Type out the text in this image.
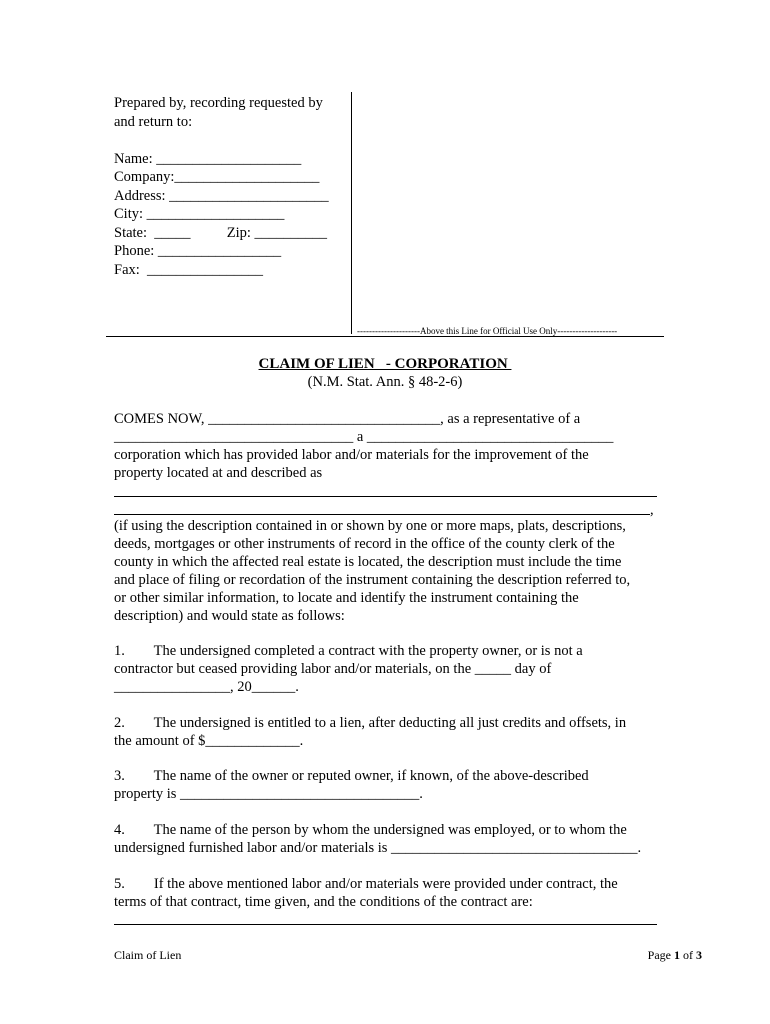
Prepared by, recording requested by
and return to:
Name: ____________________
Company:____________________
Address: ______________________
City: ___________________
State:  _____          Zip: __________
Phone: _________________
Fax:  ________________
---------------------Above this Line for Official Use Only--------------------
CLAIM OF LIEN   - CORPORATION
(N.M. Stat. Ann. § 48-2-6)
COMES NOW, ________________________________, as a representative of a
_________________________________ a __________________________________
corporation which has provided labor and/or materials for the improvement of the
property located at and described as
,
(if using the description contained in or shown by one or more maps, plats, descriptions,
deeds, mortgages or other instruments of record in the office of the county clerk of the
county in which the affected real estate is located, the description must include the time
and place of filing or recordation of the instrument containing the description referred to,
or other similar information, to locate and identify the instrument containing the
description) and would state as follows:
1.        The undersigned completed a contract with the property owner, or is not a
contractor but ceased providing labor and/or materials, on the _____ day of
________________, 20______.
2.        The undersigned is entitled to a lien, after deducting all just credits and offsets, in
the amount of $_____________.
3.        The name of the owner or reputed owner, if known, of the above-described
property is _________________________________.
4.        The name of the person by whom the undersigned was employed, or to whom the
undersigned furnished labor and/or materials is __________________________________.
5.        If the above mentioned labor and/or materials were provided under contract, the
terms of that contract, time given, and the conditions of the contract are:
Claim of Lien	Page 1 of 3
